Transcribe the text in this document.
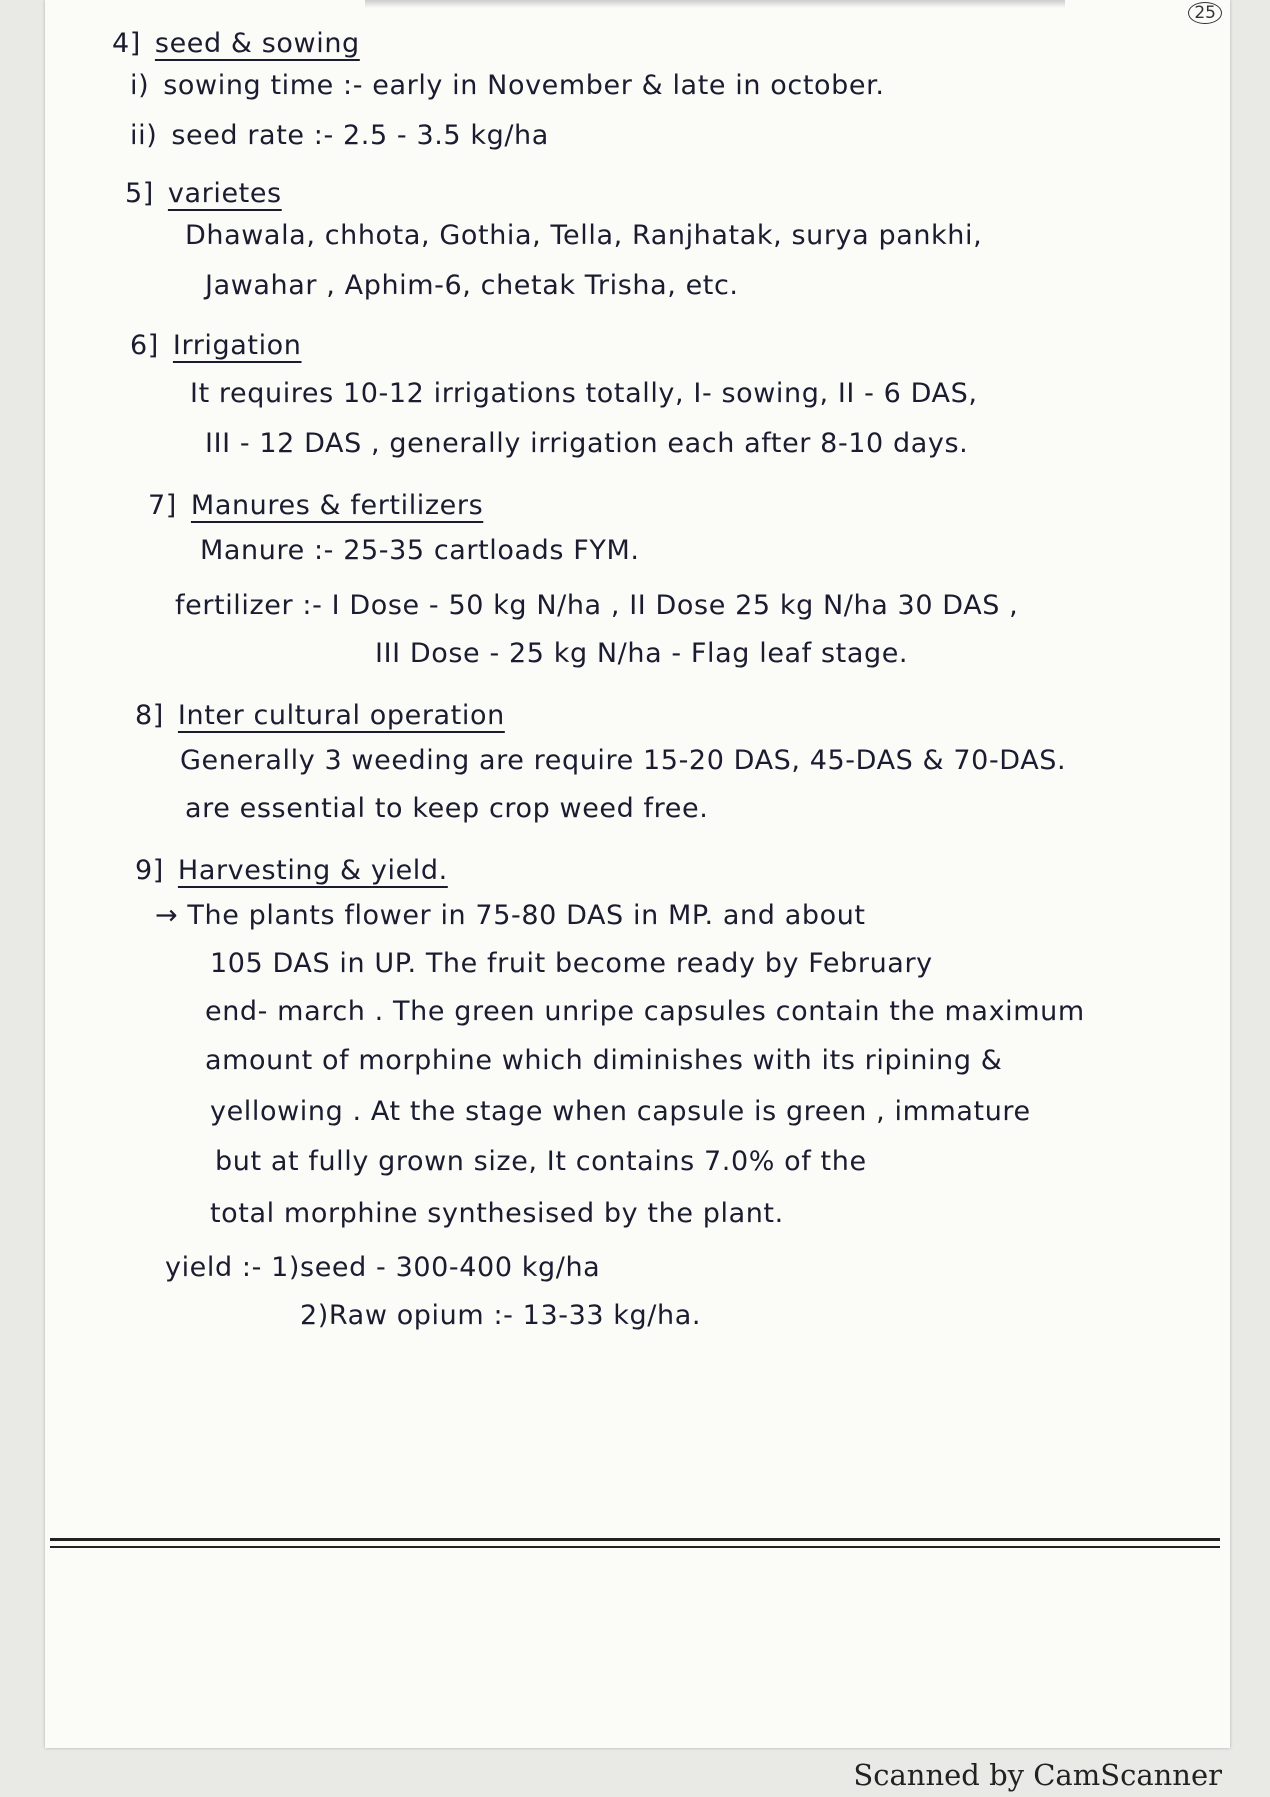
25
4] seed & sowing
i) sowing time :- early in November & late in october.
ii) seed rate :- 2.5 - 3.5 kg/ha
5] varietes
Dhawala, chhota, Gothia, Tella, Ranjhatak, surya pankhi,
Jawahar , Aphim-6, chetak Trisha, etc.
6] Irrigation
It requires 10-12 irrigations totally, I- sowing, II - 6 DAS,
III - 12 DAS , generally irrigation each after 8-10 days.
7] Manures & fertilizers
Manure :- 25-35 cartloads FYM.
fertilizer :- I Dose - 50 kg N/ha , II Dose 25 kg N/ha 30 DAS ,
III Dose - 25 kg N/ha - Flag leaf stage.
8] Inter cultural operation
Generally 3 weeding are require 15-20 DAS, 45-DAS & 70-DAS.
are essential to keep crop weed free.
9] Harvesting & yield.
→ The plants flower in 75-80 DAS in MP. and about
105 DAS in UP. The fruit become ready by February
end- march . The green unripe capsules contain the maximum
amount of morphine which diminishes with its ripining &
yellowing . At the stage when capsule is green , immature
but at fully grown size, It contains 7.0% of the
total morphine synthesised by the plant.
yield :- 1)seed - 300-400 kg/ha
2)Raw opium :- 13-33 kg/ha.
Scanned by CamScanner
